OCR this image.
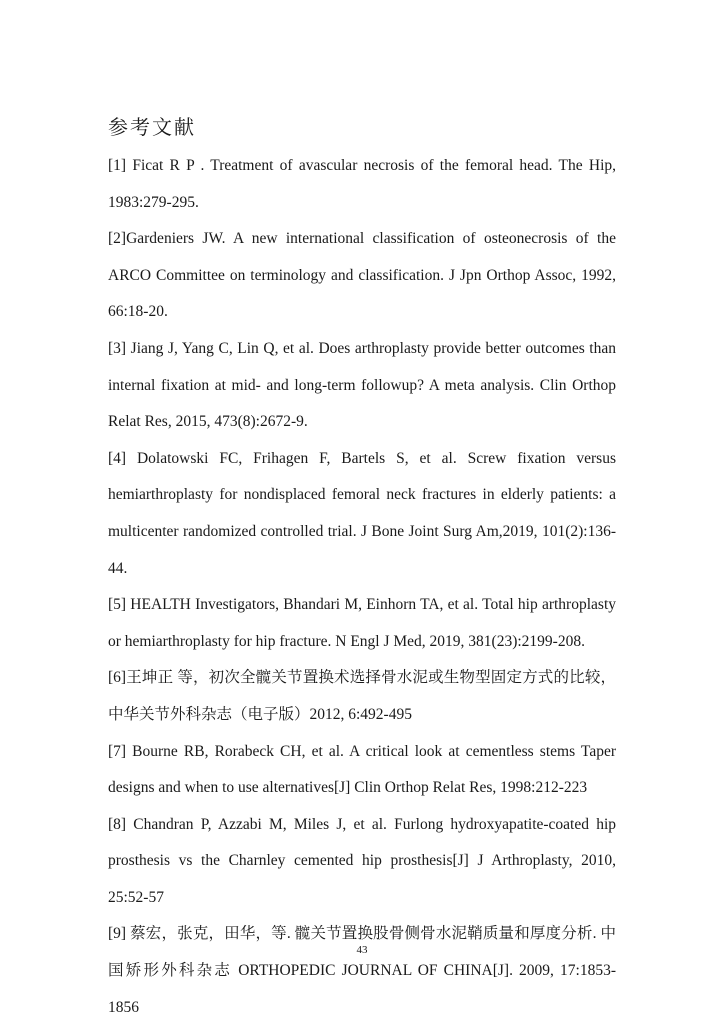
参考文献
[1] Ficat R P . Treatment of avascular necrosis of the femoral head. The Hip, 1983:279-295.
[2]Gardeniers JW. A new international classification of osteonecrosis of the ARCO Committee on terminology and classification. J Jpn Orthop Assoc, 1992, 66:18-20.
[3] Jiang J, Yang C, Lin Q, et al. Does arthroplasty provide better outcomes than internal fixation at mid- and long-term followup? A meta analysis. Clin Orthop Relat Res, 2015, 473(8):2672-9.
[4] Dolatowski FC, Frihagen F, Bartels S, et al. Screw fixation versus hemiarthroplasty for nondisplaced femoral neck fractures in elderly patients: a multicenter randomized controlled trial. J Bone Joint Surg Am,2019, 101(2):136-44.
[5] HEALTH Investigators, Bhandari M, Einhorn TA, et al. Total hip arthroplasty or hemiarthroplasty for hip fracture. N Engl J Med, 2019, 381(23):2199-208.
[6]王坤正 等，初次全髋关节置换术选择骨水泥或生物型固定方式的比较，中华关节外科杂志（电子版）2012, 6:492-495
[7] Bourne RB, Rorabeck CH, et al. A critical look at cementless stems Taper designs and when to use alternatives[J] Clin Orthop Relat Res, 1998:212-223
[8] Chandran P, Azzabi M, Miles J, et al. Furlong hydroxyapatite-coated hip prosthesis vs the Charnley cemented hip prosthesis[J] J Arthroplasty, 2010, 25:52-57
[9] 蔡宏，张克，田华，等. 髋关节置换股骨侧骨水泥鞘质量和厚度分析. 中国矫形外科杂志 ORTHOPEDIC JOURNAL OF CHINA[J]. 2009, 17:1853-1856
43
